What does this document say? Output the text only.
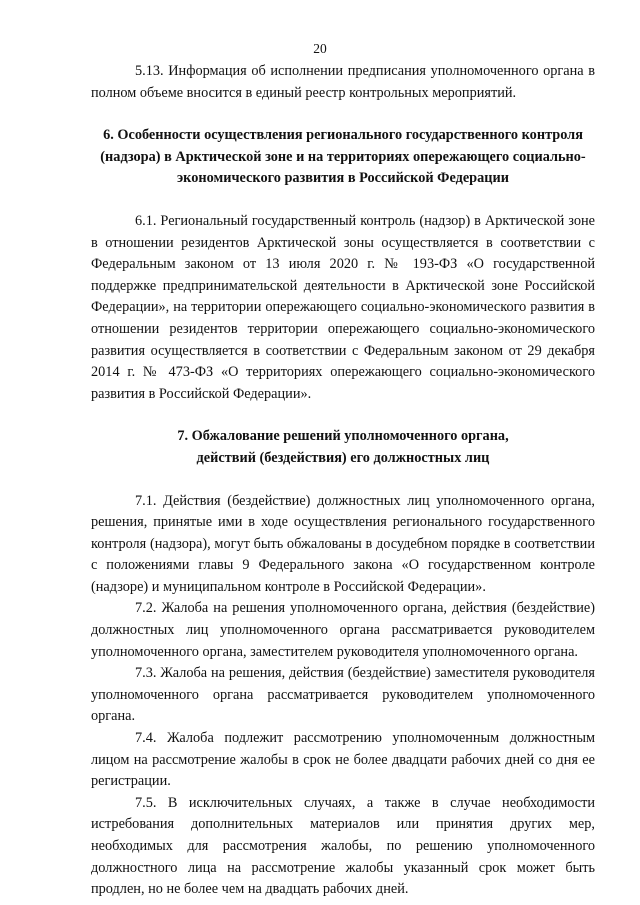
20

5.13. Информация об исполнении предписания уполномоченного органа в полном объеме вносится в единый реестр контрольных мероприятий.

6. Особенности осуществления регионального государственного контроля
(надзора) в Арктической зоне и на территориях опережающего социально-
экономического развития в Российской Федерации

6.1. Региональный государственный контроль (надзор) в Арктической зоне в отношении резидентов Арктической зоны осуществляется в соответствии с Федеральным законом от 13 июля 2020 г. № 193-ФЗ «О государственной поддержке предпринимательской деятельности в Арктической зоне Российской Федерации», на территории опережающего социально-экономического развития в отношении резидентов территории опережающего социально-экономического развития осуществляется в соответствии с Федеральным законом от 29 декабря 2014 г. № 473-ФЗ «О территориях опережающего социально-экономического развития в Российской Федерации».

7. Обжалование решений уполномоченного органа,
действий (бездействия) его должностных лиц

7.1. Действия (бездействие) должностных лиц уполномоченного органа, решения, принятые ими в ходе осуществления регионального государственного контроля (надзора), могут быть обжалованы в досудебном порядке в соответствии с положениями главы 9 Федерального закона «О государственном контроле (надзоре) и муниципальном контроле в Российской Федерации».

7.2. Жалоба на решения уполномоченного органа, действия (бездействие) должностных лиц уполномоченного органа рассматривается руководителем уполномоченного органа, заместителем руководителя уполномоченного органа.

7.3. Жалоба на решения, действия (бездействие) заместителя руководителя уполномоченного органа рассматривается руководителем уполномоченного органа.

7.4. Жалоба подлежит рассмотрению уполномоченным должностным лицом на рассмотрение жалобы в срок не более двадцати рабочих дней со дня ее регистрации.

7.5. В исключительных случаях, а также в случае необходимости истребования дополнительных материалов или принятия других мер, необходимых для рассмотрения жалобы, по решению уполномоченного должностного лица на рассмотрение жалобы указанный срок может быть продлен, но не более чем на двадцать рабочих дней.
